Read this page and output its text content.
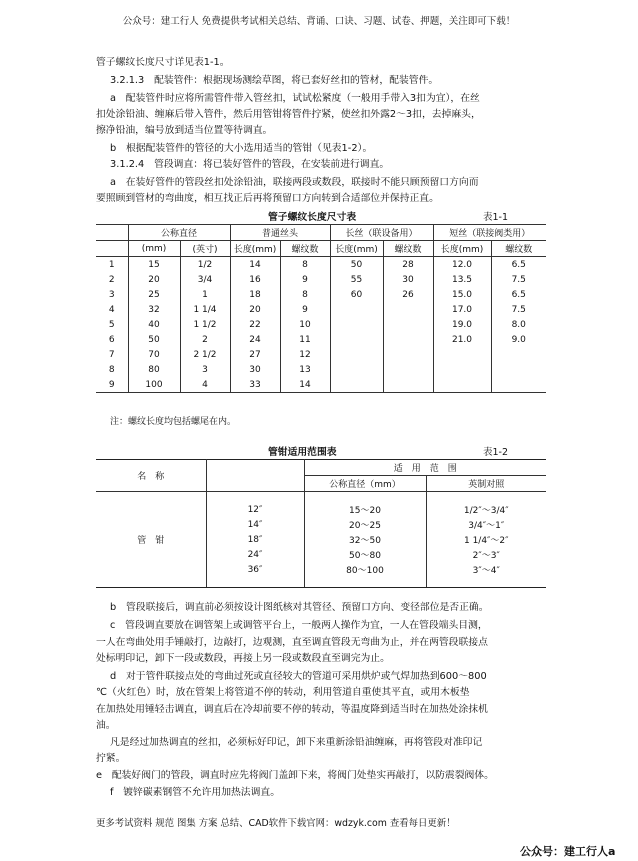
公众号：建工行人 免费提供考试相关总结、背诵、口诀、习题、试卷、押题，关注即可下载！
管子螺纹长度尺寸详见表1-1。
3.2.1.3　配装管件：根据现场测绘草图，将已套好丝扣的管材，配装管件。
a　配装管件时应将所需管件带入管丝扣，试试松紧度（一般用手带入3扣为宜），在丝
扣处涂铅油、缠麻后带入管件，然后用管钳将管件拧紧，使丝扣外露2～3扣，去掉麻头，
擦净铅油，编号放到适当位置等待调直。
b　根据配装管件的管径的大小选用适当的管钳（见表1-2）。
3.1.2.4　管段调直：将已装好管件的管段，在安装前进行调直。
a　在装好管件的管段丝扣处涂铅油，联接两段或数段，联接时不能只顾预留口方向而
要照顾到管材的弯曲度，相互找正后再将预留口方向转到合适部位并保持正直。
管子螺纹长度尺寸表	表1-1
	公称直径		普通丝头		长丝（联设备用）		短丝（联接阀类用）	
	(mm)	(英寸)	长度(mm)	螺纹数	长度(mm)	螺纹数	长度(mm)	螺纹数
1	15	1/2	14	8	50	28	12.0	6.5
2	20	3/4	16	9	55	30	13.5	7.5
3	25	1	18	8	60	26	15.0	6.5
4	32	1 1/4	20	9			17.0	7.5
5	40	1 1/2	22	10			19.0	8.0
6	50	2	24	11			21.0	9.0
7	70	2 1/2	27	12				
8	80	3	30	13				
9	100	4	33	14				
注：螺纹长度均包括螺尾在内。
管钳适用范围表	表1-2
名　称		适　用　范　围	
		公称直径（mm）	英制对照
管　钳	12″	15～20	1/2″～3/4″
	14″	20～25	3/4″～1″
	18″	32～50	1 1/4″～2″
	24″	50～80	2″～3″
	36″	80～100	3″～4″
b　管段联接后，调直前必须按设计图纸核对其管径、预留口方向、变径部位是否正确。
c　管段调直要放在调管架上或调管平台上，一般两人操作为宜，一人在管段端头目测，
一人在弯曲处用手锤敲打，边敲打，边观测，直至调直管段无弯曲为止，并在两管段联接点
处标明印记，卸下一段或数段，再接上另一段或数段直至调完为止。
d　对于管件联接点处的弯曲过死或直径较大的管道可采用烘炉或气焊加热到600～800
℃（火红色）时，放在管架上将管道不停的转动，利用管道自重使其平直，或用木板垫
在加热处用锤轻击调直，调直后在冷却前要不停的转动，等温度降到适当时在加热处涂抹机
油。
凡是经过加热调直的丝扣，必须标好印记，卸下来重新涂铅油缠麻，再将管段对准印记
拧紧。
e　配装好阀门的管段，调直时应先将阀门盖卸下来，将阀门处垫实再敲打，以防震裂阀体。
f　镀锌碳素钢管不允许用加热法调直。
更多考试资料 规范 图集 方案 总结、CAD软件下载官网：wdzyk.com 查看每日更新！
公众号：建工行人a
